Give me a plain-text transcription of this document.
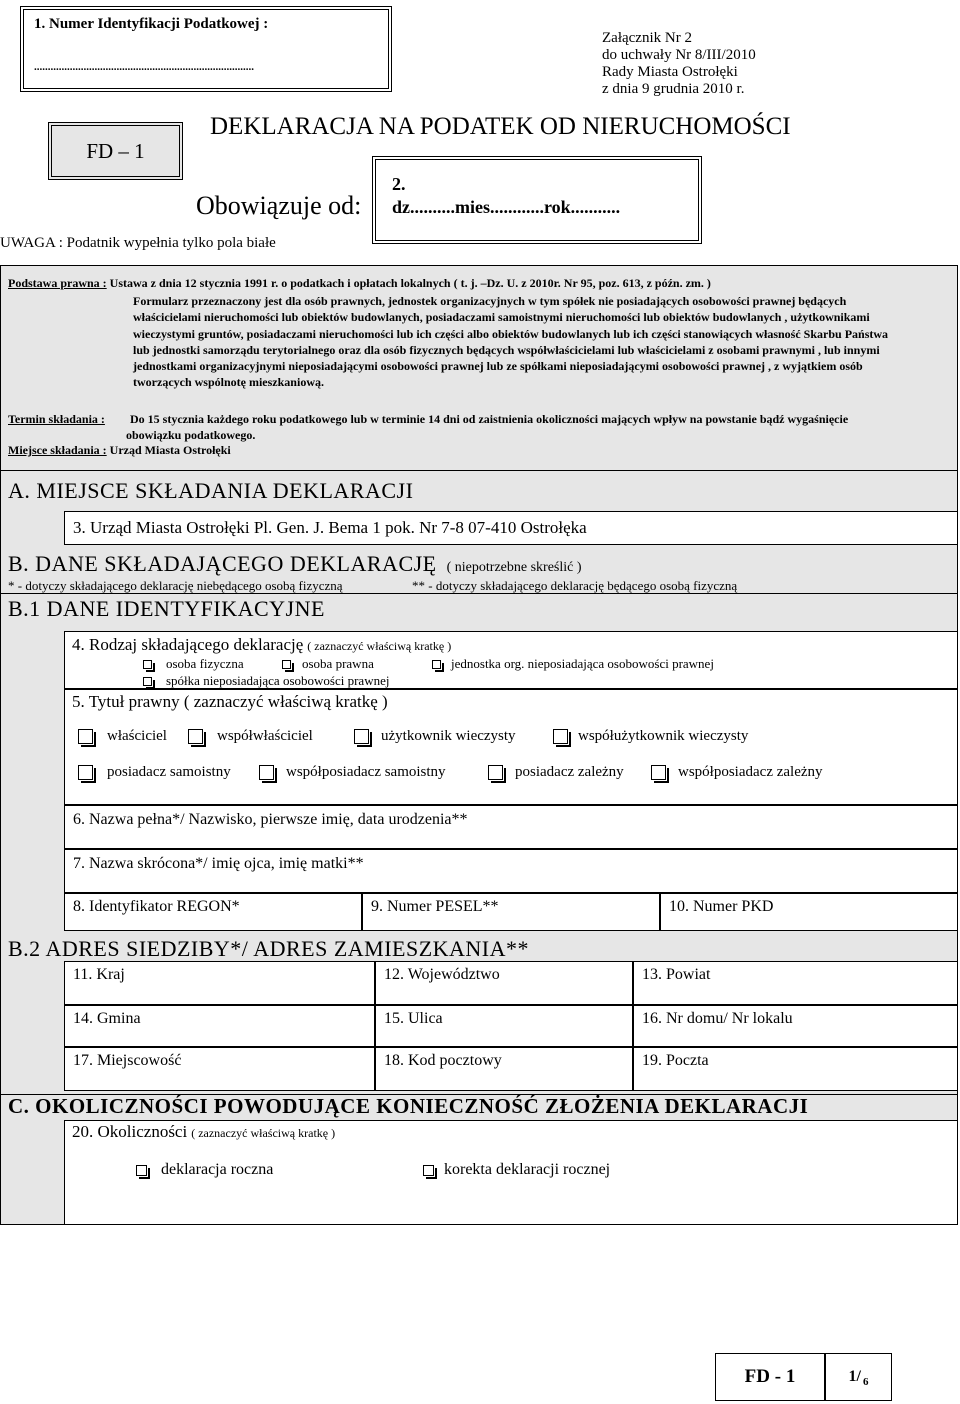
1. Numer Identyfikacji Podatkowej :
................................................................................
Załącznik Nr 2
do uchwały Nr 8/III/2010
Rady Miasta Ostrołęki
z dnia 9 grudnia 2010 r.
FD – 1
DEKLARACJA NA PODATEK OD NIERUCHOMOŚCI
Obowiązuje od:
2.
dz..........mies............rok...........
UWAGA : Podatnik wypełnia tylko pola białe
Podstawa prawna : Ustawa z dnia 12 stycznia 1991 r. o podatkach i opłatach lokalnych ( t. j. –Dz. U. z 2010r. Nr 95, poz. 613, z późn. zm. )
Formularz przeznaczony jest dla osób prawnych, jednostek organizacyjnych w tym spółek nie posiadających osobowości prawnej będących właścicielami nieruchomości lub obiektów budowlanych, posiadaczami samoistnymi nieruchomości lub obiektów budowlanych , użytkownikami wieczystymi gruntów, posiadaczami nieruchomości lub ich części albo obiektów budowlanych lub ich części stanowiących własność Skarbu Państwa lub jednostki samorządu terytorialnego oraz dla osób fizycznych będących współwłaścicielami lub właścicielami z osobami prawnymi , lub innymi jednostkami organizacyjnymi nieposiadającymi osobowości prawnej lub ze spółkami nieposiadającymi osobowości prawnej , z wyjątkiem osób tworzących wspólnotę mieszkaniową.
Termin składania :	Do 15 stycznia każdego roku podatkowego lub w terminie 14 dni od zaistnienia okoliczności mających wpływ na powstanie bądź wygaśnięcie obowiązku podatkowego.
Miejsce składania : Urząd Miasta Ostrołęki
A. MIEJSCE SKŁADANIA DEKLARACJI
3. Urząd Miasta Ostrołęki Pl. Gen. J. Bema 1 pok. Nr 7-8 07-410 Ostrołęka
B. DANE SKŁADAJĄCEGO DEKLARACJĘ ( niepotrzebne skreślić )
* - dotyczy składającego deklarację niebędącego osobą fizyczną	** - dotyczy składającego deklarację będącego osobą fizyczną
B.1 DANE IDENTYFIKACYJNE
4. Rodzaj składającego deklarację ( zaznaczyć właściwą kratkę )
osoba fizyczna	osoba prawna	jednostka org. nieposiadająca osobowości prawnej
spółka nieposiadająca osobowości prawnej
5. Tytuł prawny ( zaznaczyć właściwą kratkę )
właściciel	współwłaściciel	użytkownik wieczysty	współużytkownik wieczysty
posiadacz samoistny	współposiadacz samoistny	posiadacz zależny	współposiadacz zależny
6. Nazwa pełna*/ Nazwisko, pierwsze imię, data urodzenia**
7. Nazwa skrócona*/ imię ojca, imię matki**
8. Identyfikator REGON*	9. Numer PESEL**	10. Numer PKD
B.2 ADRES SIEDZIBY*/ ADRES ZAMIESZKANIA**
11. Kraj	12. Województwo	13. Powiat
14. Gmina	15. Ulica	16. Nr domu/ Nr lokalu
17. Miejscowość	18. Kod pocztowy	19. Poczta
C. OKOLICZNOŚCI POWODUJĄCE KONIECZNOŚĆ ZŁOŻENIA DEKLARACJI
20. Okoliczności ( zaznaczyć właściwą kratkę )
deklaracja roczna	korekta deklaracji rocznej
FD - 1	1/ 6
